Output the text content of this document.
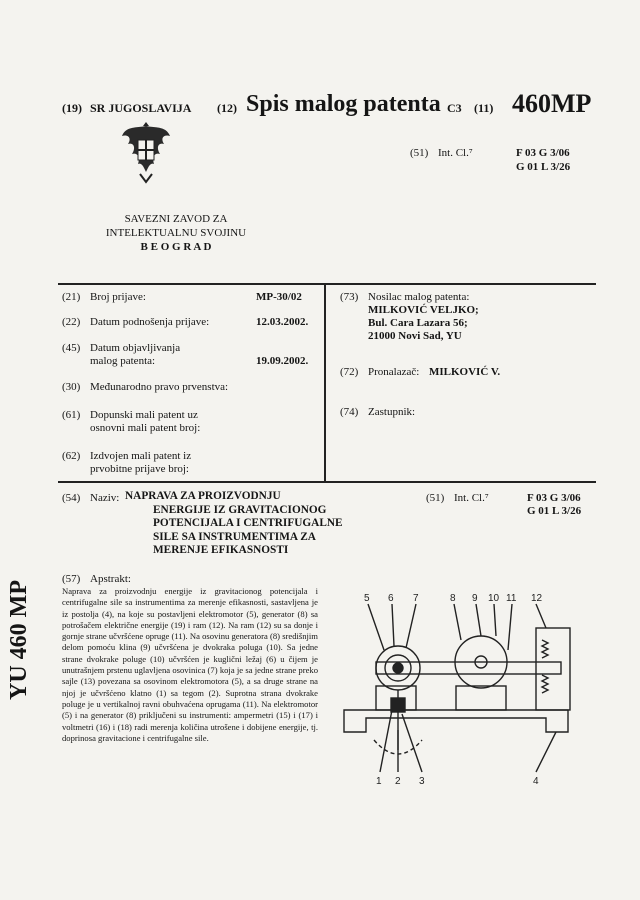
(19) SR JUGOSLAVIJA (12) Spis malog patenta C3 (11) 460MP
(51) Int. Cl.⁷	F 03 G 3/06
G 01 L 3/26
SAVEZNI ZAVOD ZA
INTELEKTUALNU SVOJINU
B E O G R A D
(21) Broj prijave:	MP-30/02
(22) Datum podnošenja prijave:	12.03.2002.
(45) Datum objavljivanja
malog patenta:	19.09.2002.
(30) Međunarodno pravo prvenstva:
(61) Dopunski mali patent uz
osnovni mali patent broj:
(62) Izdvojen mali patent iz
prvobitne prijave broj:
(73) Nosilac malog patenta:
MILKOVIĆ VELJKO;
Bul. Cara Lazara 56;
21000 Novi Sad, YU
(72) Pronalazač: MILKOVIĆ V.
(74) Zastupnik:
(54) Naziv: NAPRAVA ZA PROIZVODNJU
ENERGIJE IZ GRAVITACIONOG
POTENCIJALA I CENTRIFUGALNE
SILE SA INSTRUMENTIMA ZA
MERENJE EFIKASNOSTI
(51) Int. Cl.⁷	F 03 G 3/06
G 01 L 3/26
(57) Apstrakt:
Naprava za proizvodnju energije iz gravitacionog potencijala i centrifugalne sile sa instrumentima za merenje efikasnosti, sastavljena je iz postolja (4), na koje su postavljeni elektromotor (5), generator (8) sa potrošačem električne energije (19) i ram (12). Na ram (12) su sa donje i gornje strane učvršćene opruge (11). Na osovinu generatora (8) središnjim delom pomoću klina (9) učvršćena je dvokraka poluga (10). Sa jedne strane dvokrake poluge (10) učvršćen je kuglični ležaj (6) u čijem je unutrašnjem prstenu uglavljena osovinica (7) koja je sa jedne strane preko sajle (13) povezana sa osovinom elektromotora (5), a sa druge strane na njoj je učvršćeno klatno (1) sa tegom (2). Suprotna strana dvokrake poluge je u vertikalnoj ravni obuhvaćena oprugama (11). Na elektromotor (5) i na generator (8) priključeni su instrumenti: ampermetri (15) i (17) i voltmetri (16) i (18) radi merenja količina utrošene i dobijene energije, tj. doprinosa gravitacione i centrifugalne sile.
YU 460 MP	5 6 7	8 9 10 11 12
1 2 3	4
